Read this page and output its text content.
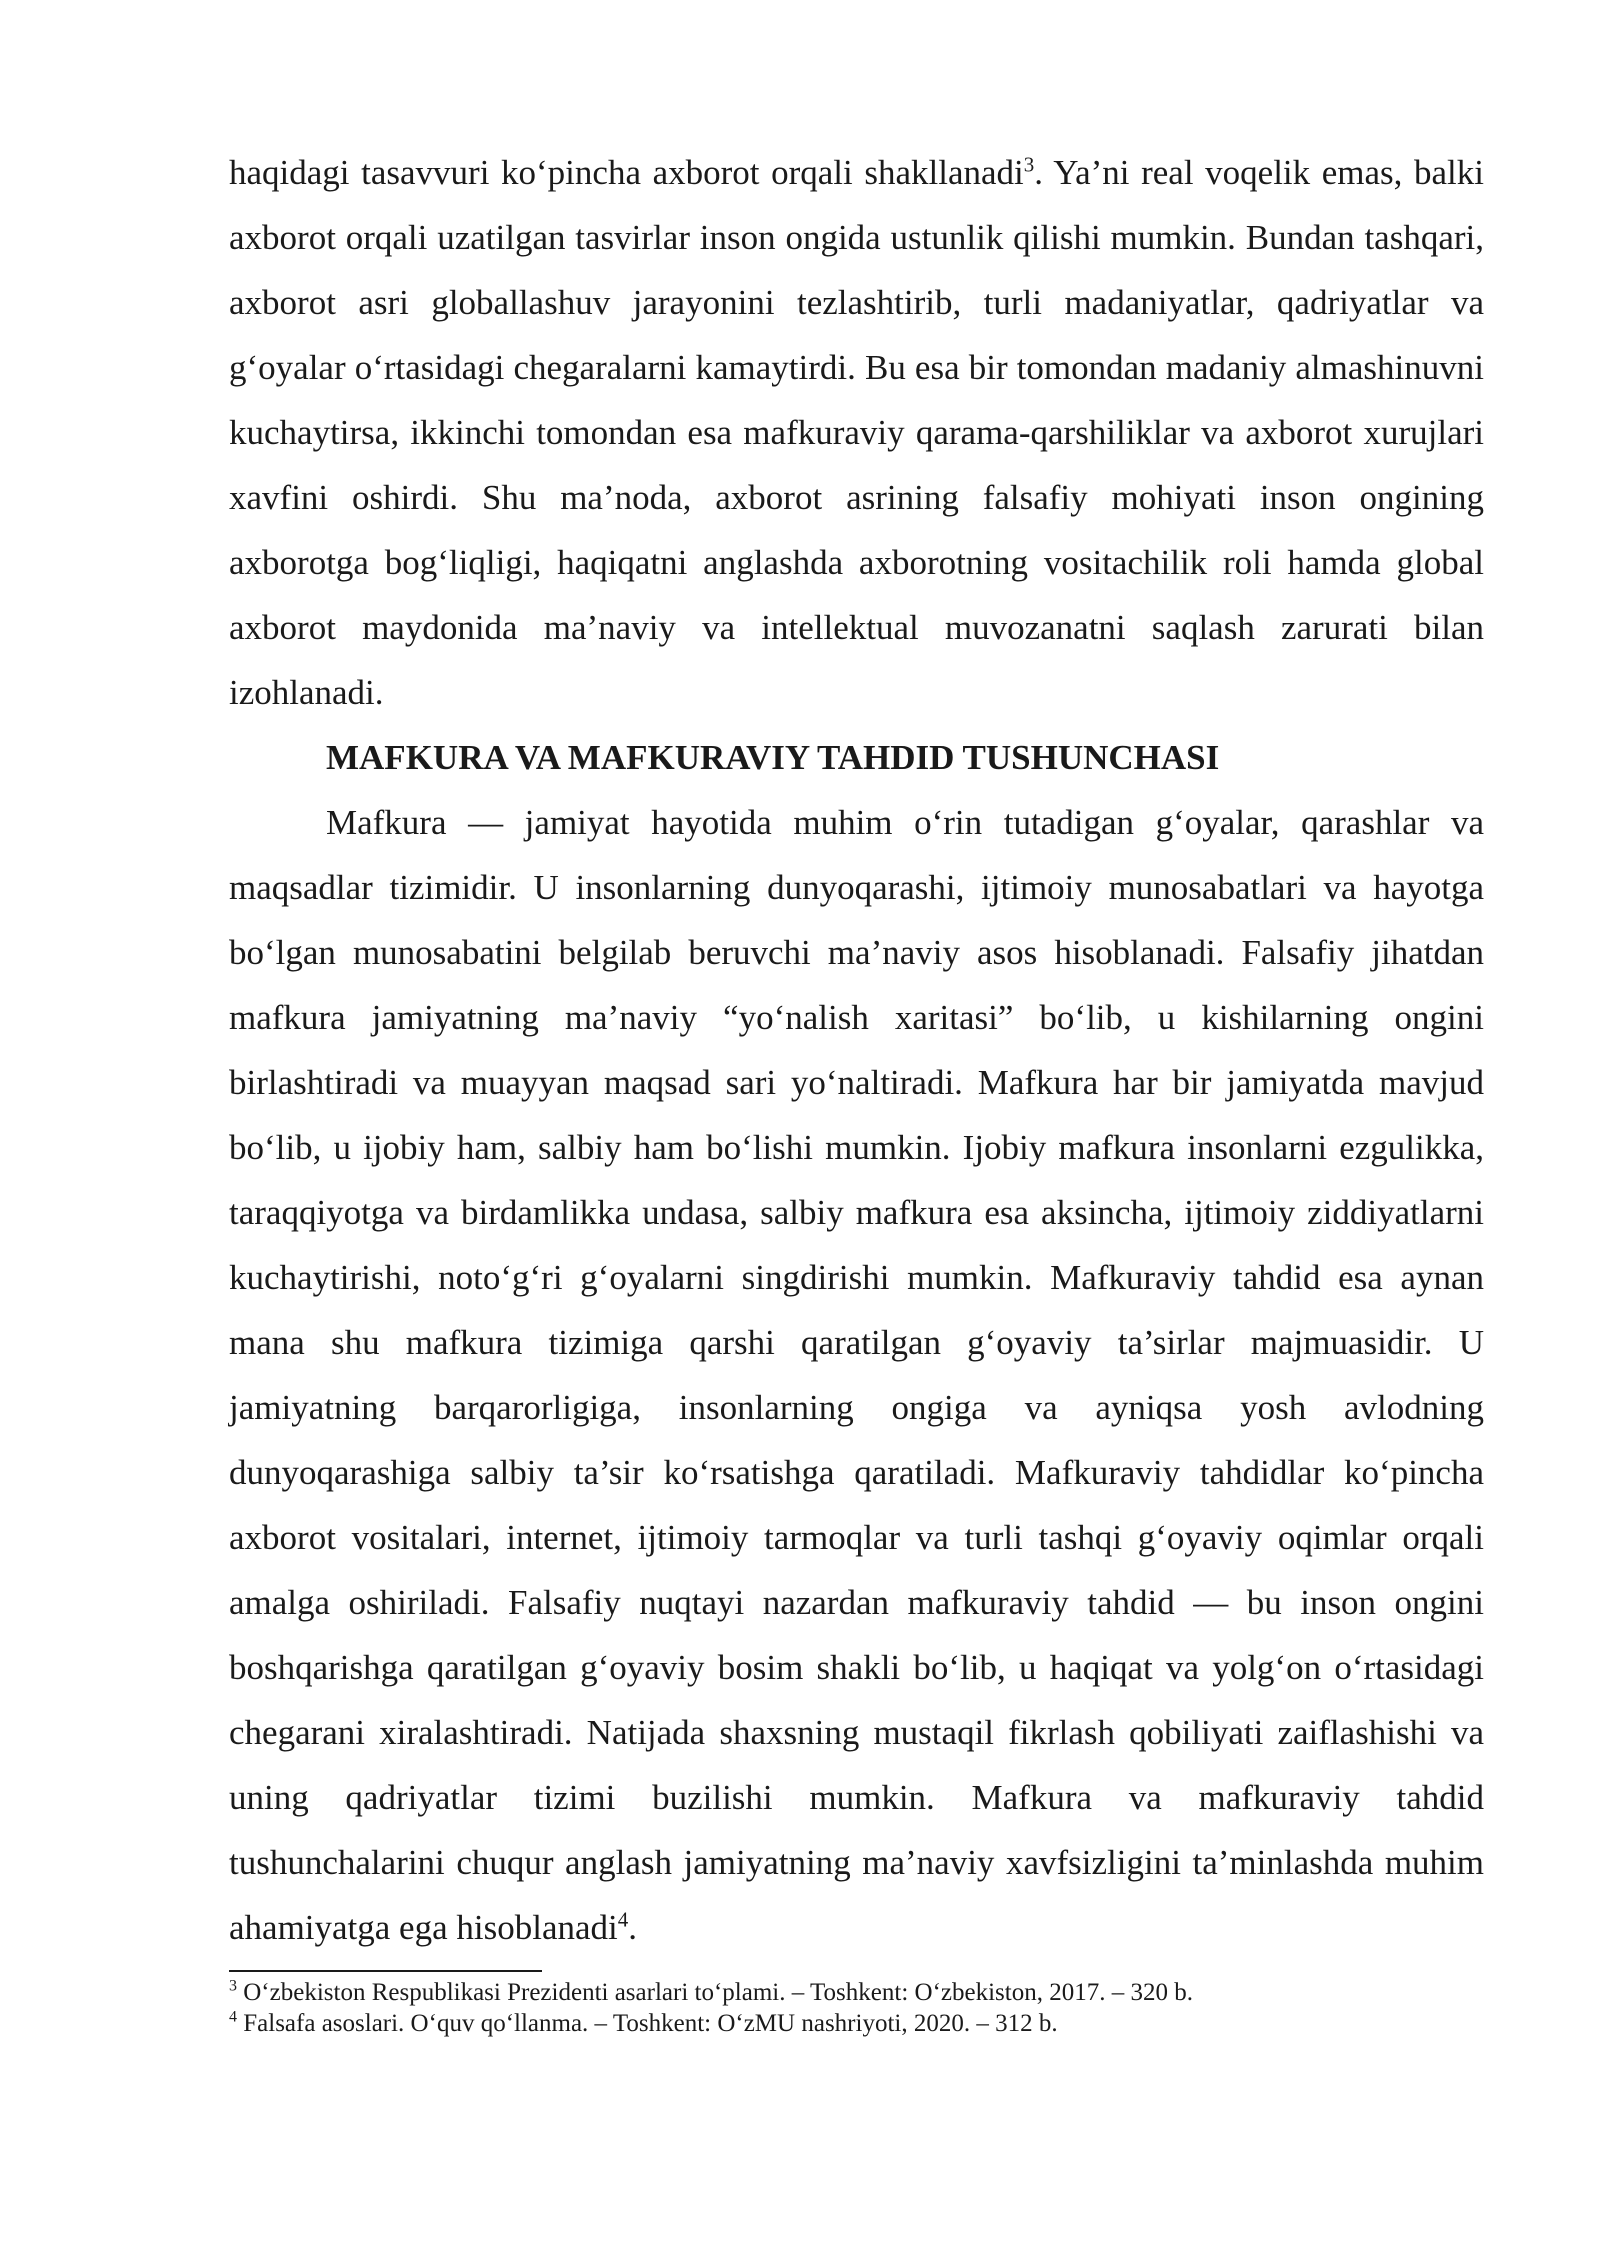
haqidagi tasavvuri ko‘pincha axborot orqali shakllanadi$^3$. Ya’ni real voqelik emas, balki axborot orqali uzatilgan tasvirlar inson ongida ustunlik qilishi mumkin. Bundan tashqari, axborot asri globallashuv jarayonini tezlashtirib, turli madaniyatlar, qadriyatlar va g‘oyalar o‘rtasidagi chegaralarni kamaytirdi. Bu esa bir tomondan madaniy almashinuvni kuchaytirsa, ikkinchi tomondan esa mafkuraviy qarama-qarshiliklar va axborot xurujlari xavfini oshirdi. Shu ma’noda, axborot asrining falsafiy mohiyati inson ongining axborotga bog‘liqligi, haqiqatni anglashda axborotning vositachilik roli hamda global axborot maydonida ma’naviy va intellektual muvozanatni saqlash zarurati bilan izohlanadi.

MAFKURA VA MAFKURAVIY TAHDID TUSHUNCHASI

Mafkura — jamiyat hayotida muhim o‘rin tutadigan g‘oyalar, qarashlar va maqsadlar tizimidir. U insonlarning dunyoqarashi, ijtimoiy munosabatlari va hayotga bo‘lgan munosabatini belgilab beruvchi ma’naviy asos hisoblanadi. Falsafiy jihatdan mafkura jamiyatning ma’naviy “yo‘nalish xaritasi” bo‘lib, u kishilarning ongini birlashtiradi va muayyan maqsad sari yo‘naltiradi. Mafkura har bir jamiyatda mavjud bo‘lib, u ijobiy ham, salbiy ham bo‘lishi mumkin. Ijobiy mafkura insonlarni ezgulikka, taraqqiyotga va birdamlikka undasa, salbiy mafkura esa aksincha, ijtimoiy ziddiyatlarni kuchaytirishi, noto‘g‘ri g‘oyalarni singdirishi mumkin. Mafkuraviy tahdid esa aynan mana shu mafkura tizimiga qarshi qaratilgan g‘oyaviy ta’sirlar majmuasidir. U jamiyatning barqarorligiga, insonlarning ongiga va ayniqsa yosh avlodning dunyoqarashiga salbiy ta’sir ko‘rsatishga qaratiladi. Mafkuraviy tahdidlar ko‘pincha axborot vositalari, internet, ijtimoiy tarmoqlar va turli tashqi g‘oyaviy oqimlar orqali amalga oshiriladi. Falsafiy nuqtayi nazardan mafkuraviy tahdid — bu inson ongini boshqarishga qaratilgan g‘oyaviy bosim shakli bo‘lib, u haqiqat va yolg‘on o‘rtasidagi chegarani xiralashtiradi. Natijada shaxsning mustaqil fikrlash qobiliyati zaiflashishi va uning qadriyatlar tizimi buzilishi mumkin. Mafkura va mafkuraviy tahdid tushunchalarini chuqur anglash jamiyatning ma’naviy xavfsizligini ta’minlashda muhim ahamiyatga ega hisoblanadi$^4$.

$^3$ O‘zbekiston Respublikasi Prezidenti asarlari to‘plami. – Toshkent: O‘zbekiston, 2017. – 320 b.

$^4$ Falsafa asoslari. O‘quv qo‘llanma. – Toshkent: O‘zMU nashriyoti, 2020. – 312 b.
